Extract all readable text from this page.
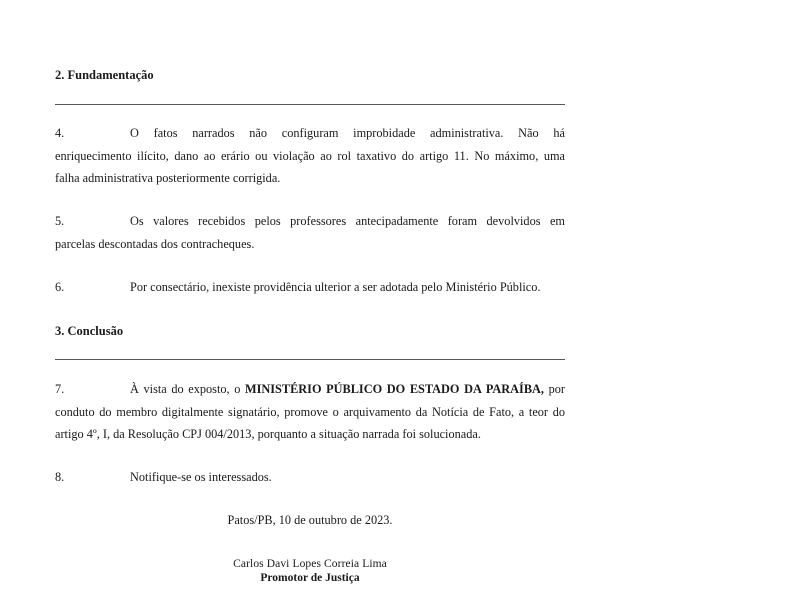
2. Fundamentação
4.	O fatos narrados não configuram improbidade administrativa. Não há
enriquecimento ilícito, dano ao erário ou violação ao rol taxativo do artigo 11. No máximo, uma
falha administrativa posteriormente corrigida.
5.	Os valores recebidos pelos professores antecipadamente foram devolvidos em
parcelas descontadas dos contracheques.
6.	Por consectário, inexiste providência ulterior a ser adotada pelo Ministério Público.
3. Conclusão
7.	À vista do exposto, o MINISTÉRIO PÚBLICO DO ESTADO DA PARAÍBA, por
conduto do membro digitalmente signatário, promove o arquivamento da Notícia de Fato, a teor do
artigo 4º, I, da Resolução CPJ 004/2013, porquanto a situação narrada foi solucionada.
8.	Notifique-se os interessados.
Patos/PB, 10 de outubro de 2023.
Carlos Davi Lopes Correia Lima
Promotor de Justiça
